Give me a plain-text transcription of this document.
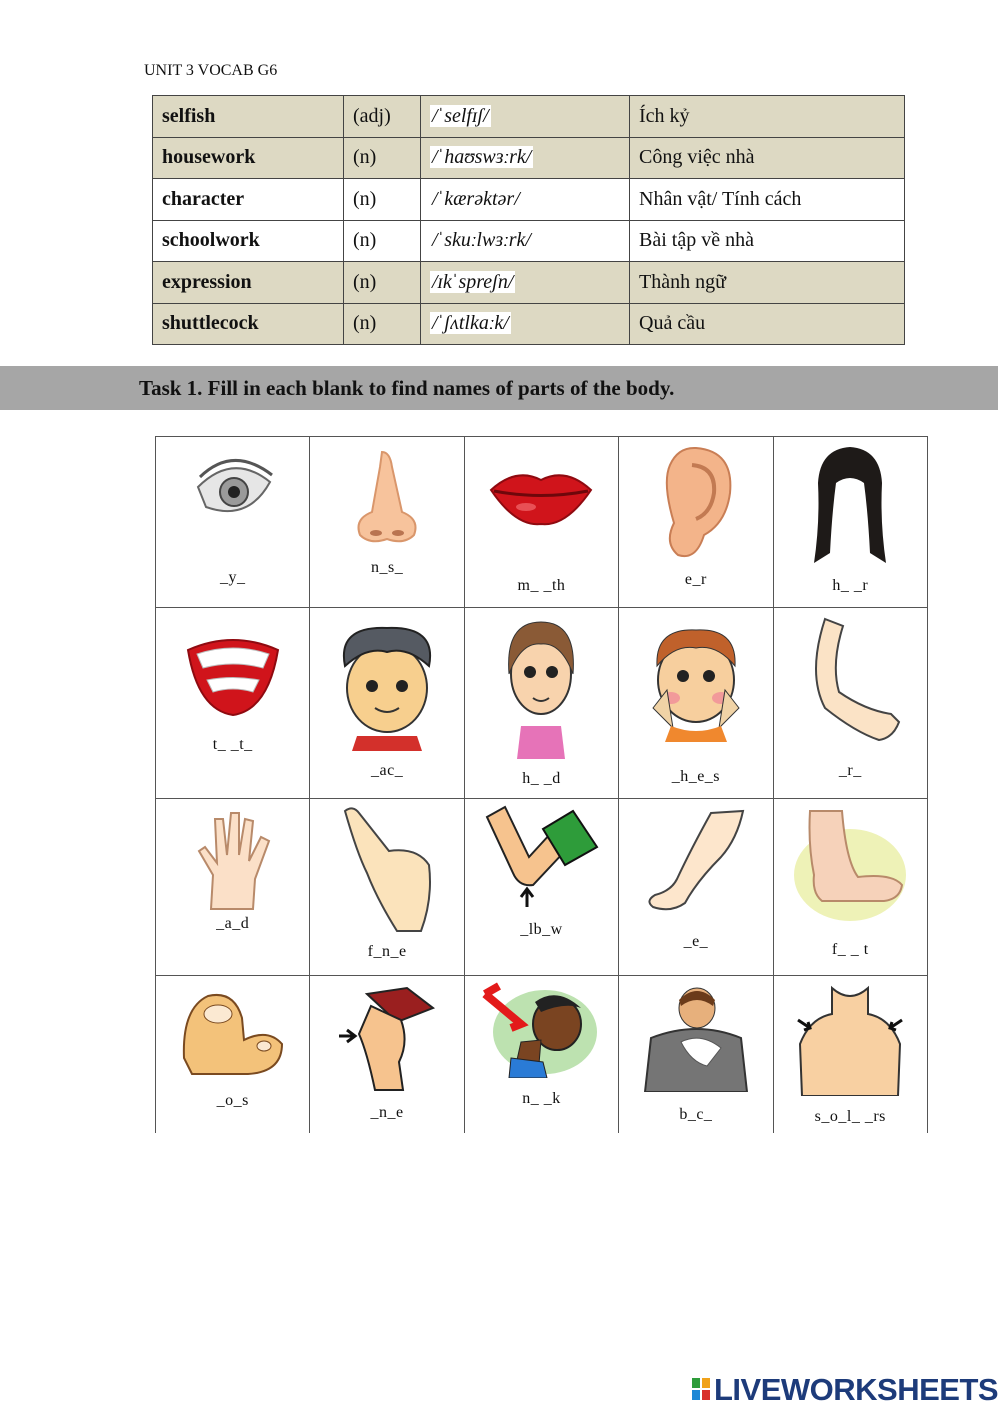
UNIT 3 VOCAB G6
selfish	(adj)	/ˈselfɪʃ/	Ích kỷ
housework	(n)	/ˈhaʊswɜːrk/	Công việc nhà
character	(n)	/ˈkærəktər/	Nhân vật/ Tính cách
schoolwork	(n)	/ˈskuːlwɜːrk/	Bài tập về nhà
expression	(n)	/ɪkˈspreʃn/	Thành ngữ
shuttlecock	(n)	/ˈʃʌtlkaːk/	Quả cầu
Task 1. Fill in each blank to find names of parts of the body.
_y_	n_s_	m_ _th	e_r	h_ _r

t_ _t_	_ac_	h_ _d	_h_e_s	_r_

_a_d	f_n_e	_lb_w	_e_	f_ _ t

_o_s	_n_e	n_ _k	b_c_	s_o_l_ _rs
LIVEWORKSHEETS
